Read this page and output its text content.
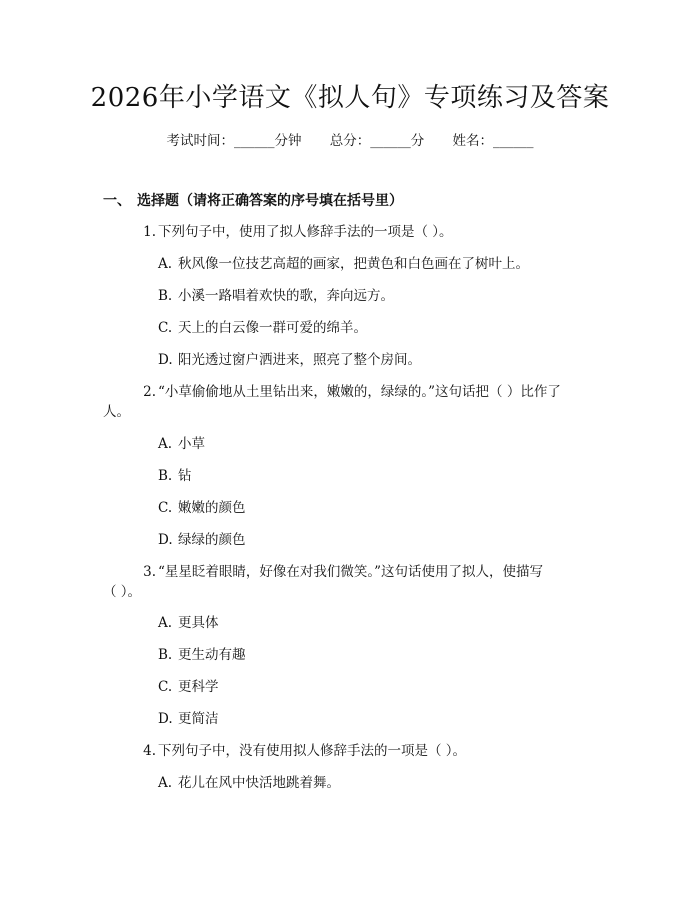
2026年小学语文《拟人句》专项练习及答案
考试时间：______分钟 总分：______分 姓名：______
一、 选择题（请将正确答案的序号填在括号里）
1. 下列句子中，使用了拟人修辞手法的一项是（ ）。
A. 秋风像一位技艺高超的画家，把黄色和白色画在了树叶上。
B. 小溪一路唱着欢快的歌，奔向远方。
C. 天上的白云像一群可爱的绵羊。
D. 阳光透过窗户洒进来，照亮了整个房间。
2. “小草偷偷地从土里钻出来，嫩嫩的，绿绿的。”这句话把（ ）比作了
人。
A. 小草
B. 钻
C. 嫩嫩的颜色
D. 绿绿的颜色
3. “星星眨着眼睛，好像在对我们微笑。”这句话使用了拟人，使描写
（ ）。
A. 更具体
B. 更生动有趣
C. 更科学
D. 更简洁
4. 下列句子中，没有使用拟人修辞手法的一项是（ ）。
A. 花儿在风中快活地跳着舞。
